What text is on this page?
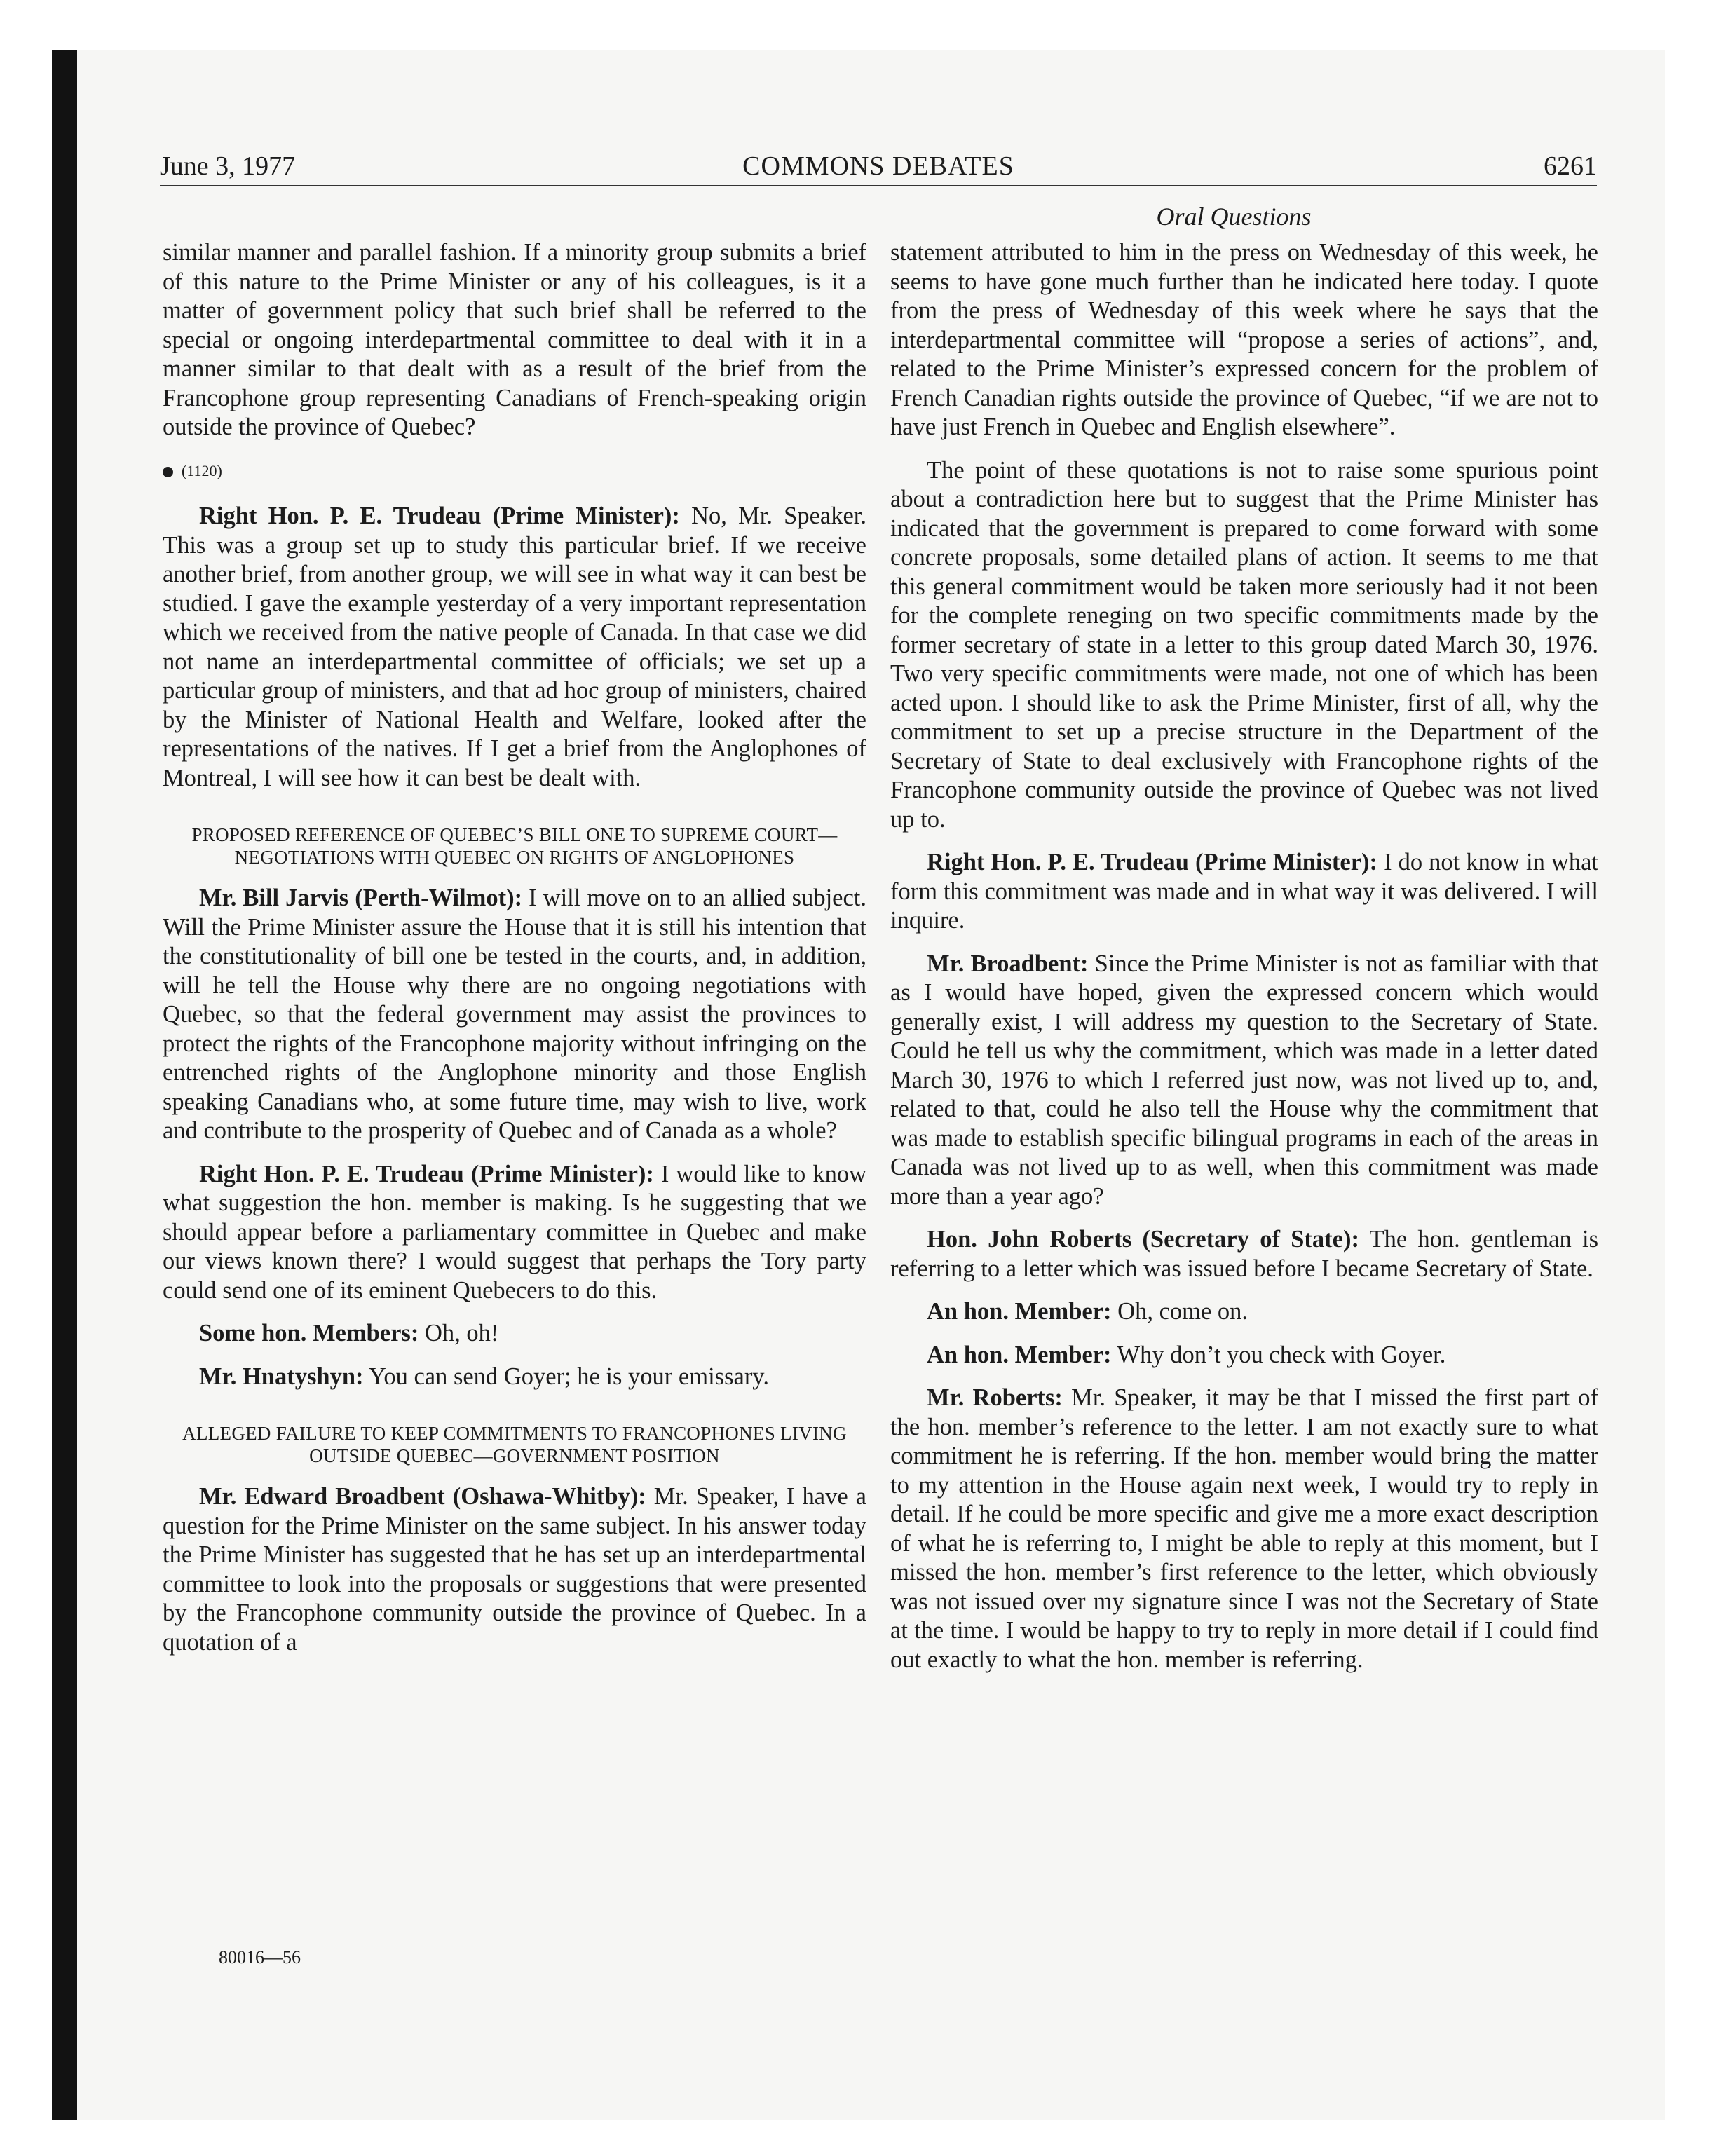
June 3, 1977	COMMONS DEBATES	6261
Oral Questions

similar manner and parallel fashion. If a minority group submits a brief of this nature to the Prime Minister or any of his colleagues, is it a matter of government policy that such brief shall be referred to the special or ongoing interdepartmental committee to deal with it in a manner similar to that dealt with as a result of the brief from the Francophone group representing Canadians of French-speaking origin outside the province of Quebec?

(1120)

Right Hon. P. E. Trudeau (Prime Minister): No, Mr. Speaker. This was a group set up to study this particular brief. If we receive another brief, from another group, we will see in what way it can best be studied. I gave the example yesterday of a very important representation which we received from the native people of Canada. In that case we did not name an interdepartmental committee of officials; we set up a particular group of ministers, and that ad hoc group of ministers, chaired by the Minister of National Health and Welfare, looked after the representations of the natives. If I get a brief from the Anglophones of Montreal, I will see how it can best be dealt with.

PROPOSED REFERENCE OF QUEBEC’S BILL ONE TO SUPREME COURT—NEGOTIATIONS WITH QUEBEC ON RIGHTS OF ANGLOPHONES

Mr. Bill Jarvis (Perth-Wilmot): I will move on to an allied subject. Will the Prime Minister assure the House that it is still his intention that the constitutionality of bill one be tested in the courts, and, in addition, will he tell the House why there are no ongoing negotiations with Quebec, so that the federal government may assist the provinces to protect the rights of the Francophone majority without infringing on the entrenched rights of the Anglophone minority and those English speaking Canadians who, at some future time, may wish to live, work and contribute to the prosperity of Quebec and of Canada as a whole?

Right Hon. P. E. Trudeau (Prime Minister): I would like to know what suggestion the hon. member is making. Is he suggesting that we should appear before a parliamentary committee in Quebec and make our views known there? I would suggest that perhaps the Tory party could send one of its eminent Quebecers to do this.

Some hon. Members: Oh, oh!

Mr. Hnatyshyn: You can send Goyer; he is your emissary.

ALLEGED FAILURE TO KEEP COMMITMENTS TO FRANCOPHONES LIVING OUTSIDE QUEBEC—GOVERNMENT POSITION

Mr. Edward Broadbent (Oshawa-Whitby): Mr. Speaker, I have a question for the Prime Minister on the same subject. In his answer today the Prime Minister has suggested that he has set up an interdepartmental committee to look into the proposals or suggestions that were presented by the Francophone community outside the province of Quebec. In a quotation of a

statement attributed to him in the press on Wednesday of this week, he seems to have gone much further than he indicated here today. I quote from the press of Wednesday of this week where he says that the interdepartmental committee will “propose a series of actions”, and, related to the Prime Minister’s expressed concern for the problem of French Canadian rights outside the province of Quebec, “if we are not to have just French in Quebec and English elsewhere”.

The point of these quotations is not to raise some spurious point about a contradiction here but to suggest that the Prime Minister has indicated that the government is prepared to come forward with some concrete proposals, some detailed plans of action. It seems to me that this general commitment would be taken more seriously had it not been for the complete reneging on two specific commitments made by the former secretary of state in a letter to this group dated March 30, 1976. Two very specific commitments were made, not one of which has been acted upon. I should like to ask the Prime Minister, first of all, why the commitment to set up a precise structure in the Department of the Secretary of State to deal exclusively with Francophone rights of the Francophone community outside the province of Quebec was not lived up to.

Right Hon. P. E. Trudeau (Prime Minister): I do not know in what form this commitment was made and in what way it was delivered. I will inquire.

Mr. Broadbent: Since the Prime Minister is not as familiar with that as I would have hoped, given the expressed concern which would generally exist, I will address my question to the Secretary of State. Could he tell us why the commitment, which was made in a letter dated March 30, 1976 to which I referred just now, was not lived up to, and, related to that, could he also tell the House why the commitment that was made to establish specific bilingual programs in each of the areas in Canada was not lived up to as well, when this commitment was made more than a year ago?

Hon. John Roberts (Secretary of State): The hon. gentleman is referring to a letter which was issued before I became Secretary of State.

An hon. Member: Oh, come on.

An hon. Member: Why don’t you check with Goyer.

Mr. Roberts: Mr. Speaker, it may be that I missed the first part of the hon. member’s reference to the letter. I am not exactly sure to what commitment he is referring. If the hon. member would bring the matter to my attention in the House again next week, I would try to reply in detail. If he could be more specific and give me a more exact description of what he is referring to, I might be able to reply at this moment, but I missed the hon. member’s first reference to the letter, which obviously was not issued over my signature since I was not the Secretary of State at the time. I would be happy to try to reply in more detail if I could find out exactly to what the hon. member is referring.

80016—56
